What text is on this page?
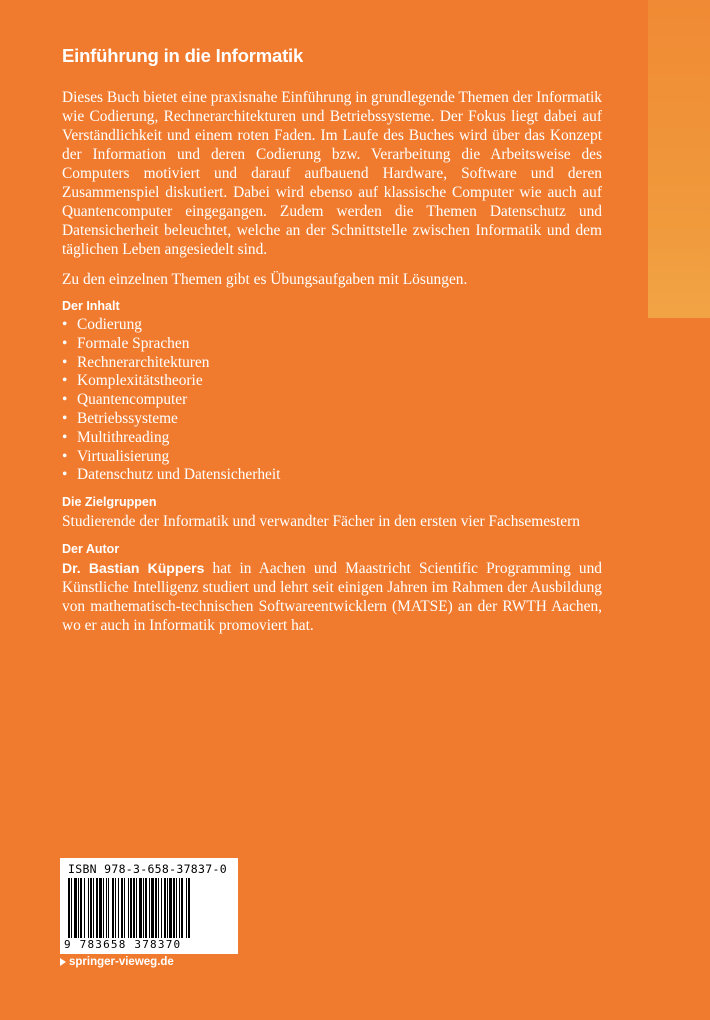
Einführung in die Informatik

Dieses Buch bietet eine praxisnahe Einführung in grundlegende Themen der Informatik wie Codierung, Rechnerarchitekturen und Betriebssysteme. Der Fokus liegt dabei auf Verständlichkeit und einem roten Faden. Im Laufe des Buches wird über das Konzept der Information und deren Codierung bzw. Verarbeitung die Arbeitsweise des Computers motiviert und darauf aufbauend Hardware, Software und deren Zusammenspiel diskutiert. Dabei wird ebenso auf klassische Computer wie auch auf Quantencomputer eingegangen. Zudem werden die Themen Datenschutz und Datensicherheit beleuchtet, welche an der Schnittstelle zwischen Informatik und dem täglichen Leben angesiedelt sind.

Zu den einzelnen Themen gibt es Übungsaufgaben mit Lösungen.

Der Inhalt
• Codierung
• Formale Sprachen
• Rechnerarchitekturen
• Komplexitätstheorie
• Quantencomputer
• Betriebssysteme
• Multithreading
• Virtualisierung
• Datenschutz und Datensicherheit
Die Zielgruppen

Studierende der Informatik und verwandter Fächer in den ersten vier Fachsemestern

Der Autor

Dr. Bastian Küppers hat in Aachen und Maastricht Scientific Programming und Künstliche Intelligenz studiert und lehrt seit einigen Jahren im Rahmen der Ausbildung von mathematisch-technischen Softwareentwicklern (MATSE) an der RWTH Aachen, wo er auch in Informatik promoviert hat.

ISBN 978-3-658-37837-0
9 783658 378370
springer-vieweg.de
